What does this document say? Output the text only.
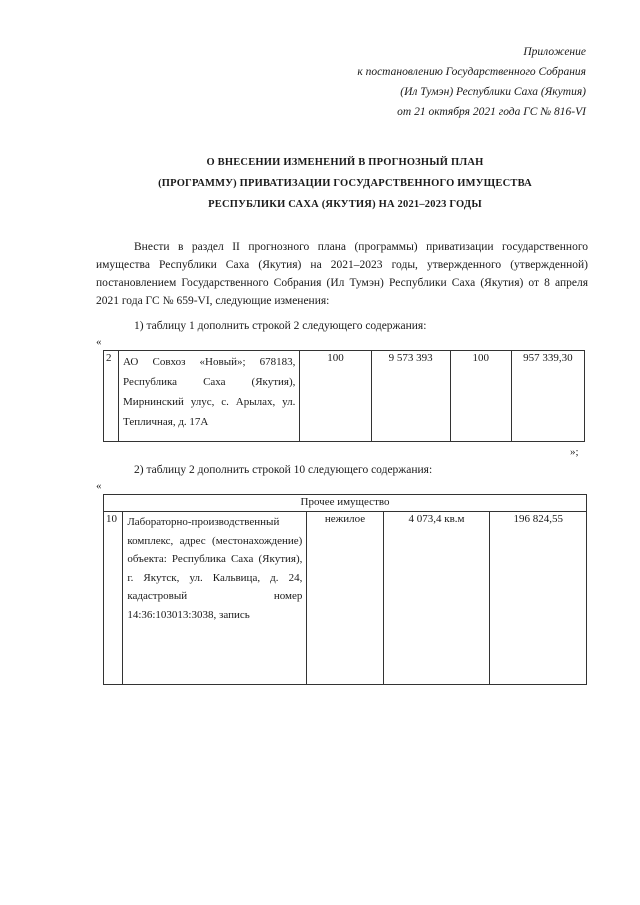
Приложение
к постановлению Государственного Собрания
(Ил Тумэн) Республики Саха (Якутия)
от 21 октября 2021 года ГС № 816-VI
О ВНЕСЕНИИ ИЗМЕНЕНИЙ В ПРОГНОЗНЫЙ ПЛАН
(ПРОГРАММУ) ПРИВАТИЗАЦИИ ГОСУДАРСТВЕННОГО ИМУЩЕСТВА
РЕСПУБЛИКИ САХА (ЯКУТИЯ) НА 2021–2023 ГОДЫ

Внести в раздел II прогнозного плана (программы) приватизации государственного имущества Республики Саха (Якутия) на 2021–2023 годы, утвержденного (утвержденной) постановлением Государственного Собрания (Ил Тумэн) Республики Саха (Якутия) от 8 апреля 2021 года ГС № 659-VI, следующие изменения:

1) таблицу 1 дополнить строкой 2 следующего содержания:
«
2	АО Совхоз «Новый»; 678183, Республика Саха (Якутия), Мирнинский улус, с. Арылах, ул. Тепличная, д. 17А	100	9 573 393	100	957 339,30
»;
2) таблицу 2 дополнить строкой 10 следующего содержания:
«
Прочее имущество
10	Лабораторно-производственный комплекс, адрес (местонахождение) объекта: Республика Саха (Якутия), г. Якутск, ул. Кальвица, д. 24, кадастровый номер 14:36:103013:3038, запись	нежилое	4 073,4 кв.м	196 824,55
